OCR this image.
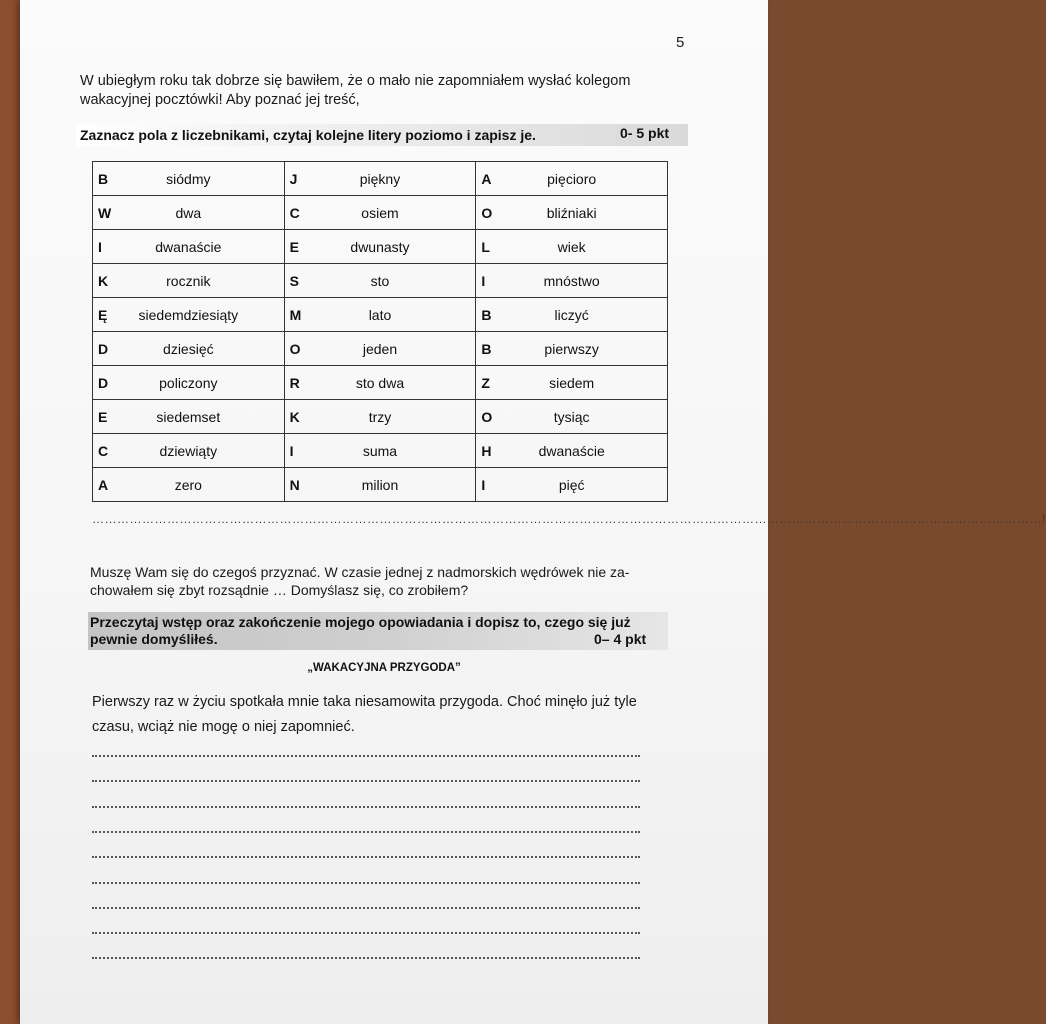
5
W ubiegłym roku tak dobrze się bawiłem, że o mało nie zapomniałem wysłać kolegom wakacyjnej pocztówki! Aby poznać jej treść,
Zaznacz pola z liczebnikami, czytaj kolejne litery poziomo i zapisz je.	0- 5 pkt
B siódmy	J piękny	A pięcioro

W dwa	C osiem	O bliźniaki

I dwanaście	E dwunasty	L wiek

K rocznik	S sto	I mnóstwo

Ę siedemdziesiąty	M lato	B liczyć

D dziesięć	O jeden	B pierwszy

D policzony	R sto dwa	Z siedem

E siedemset	K trzy	O tysiąc

C dziewiąty	I suma	H dwanaście

A zero	N milion	I pięć
…………………………………………………………………………………………………………………………………………………………………………………………………………!
Muszę Wam się do czegoś przyznać. W czasie jednej z nadmorskich wędrówek nie za-chowałem się zbyt rozsądnie … Domyślasz się, co zrobiłem?
Przeczytaj wstęp oraz zakończenie mojego opowiadania i dopisz to, czego się już pewnie domyśliłeś.	0– 4 pkt
„WAKACYJNA PRZYGODA”
Pierwszy raz w życiu spotkała mnie taka niesamowita przygoda. Choć minęło już tyle czasu, wciąż nie mogę o niej zapomnieć.
